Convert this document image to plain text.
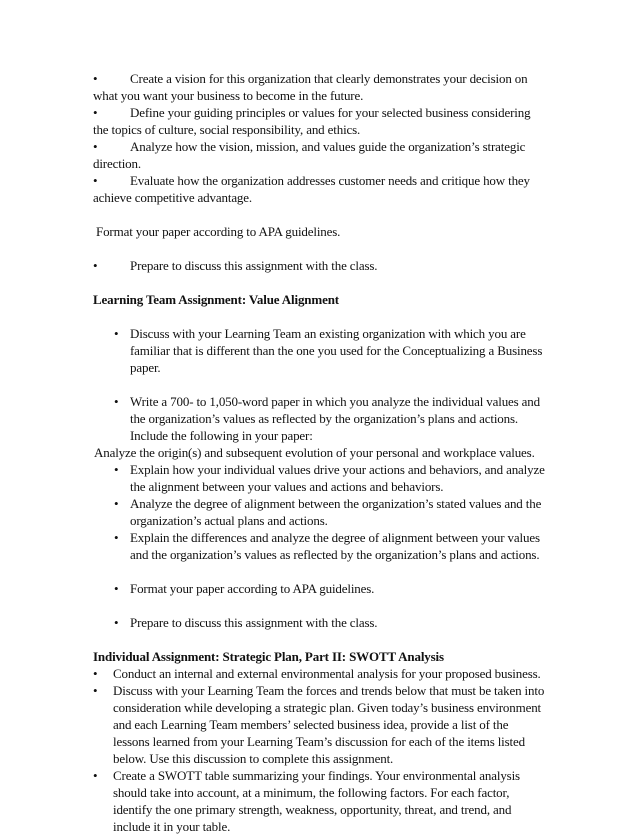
•
Create a vision for this organization that clearly demonstrates your decision on
what you want your business to become in the future.
•
Define your guiding principles or values for your selected business considering
the topics of culture, social responsibility, and ethics.
•
Analyze how the vision, mission, and values guide the organization’s strategic
direction.
•
Evaluate how the organization addresses customer needs and critique how they
achieve competitive advantage.
Format your paper according to APA guidelines.
•
Prepare to discuss this assignment with the class.
Learning Team Assignment: Value Alignment
•
Discuss with your Learning Team an existing organization with which you are
familiar that is different than the one you used for the Conceptualizing a Business
paper.
•
Write a 700- to 1,050-word paper in which you analyze the individual values and
the organization’s values as reflected by the organization’s plans and actions.
Include the following in your paper:
Analyze the origin(s) and subsequent evolution of your personal and workplace values.
•
Explain how your individual values drive your actions and behaviors, and analyze
the alignment between your values and actions and behaviors.
•
Analyze the degree of alignment between the organization’s stated values and the
organization’s actual plans and actions.
•
Explain the differences and analyze the degree of alignment between your values
and the organization’s values as reflected by the organization’s plans and actions.
•
Format your paper according to APA guidelines.
•
Prepare to discuss this assignment with the class.
Individual Assignment: Strategic Plan, Part II: SWOTT Analysis
•
Conduct an internal and external environmental analysis for your proposed business.
•
Discuss with your Learning Team the forces and trends below that must be taken into
consideration while developing a strategic plan. Given today’s business environment
and each Learning Team members’ selected business idea, provide a list of the
lessons learned from your Learning Team’s discussion for each of the items listed
below. Use this discussion to complete this assignment.
•
Create a SWOTT table summarizing your findings. Your environmental analysis
should take into account, at a minimum, the following factors. For each factor,
identify the one primary strength, weakness, opportunity, threat, and trend, and
include it in your table.
